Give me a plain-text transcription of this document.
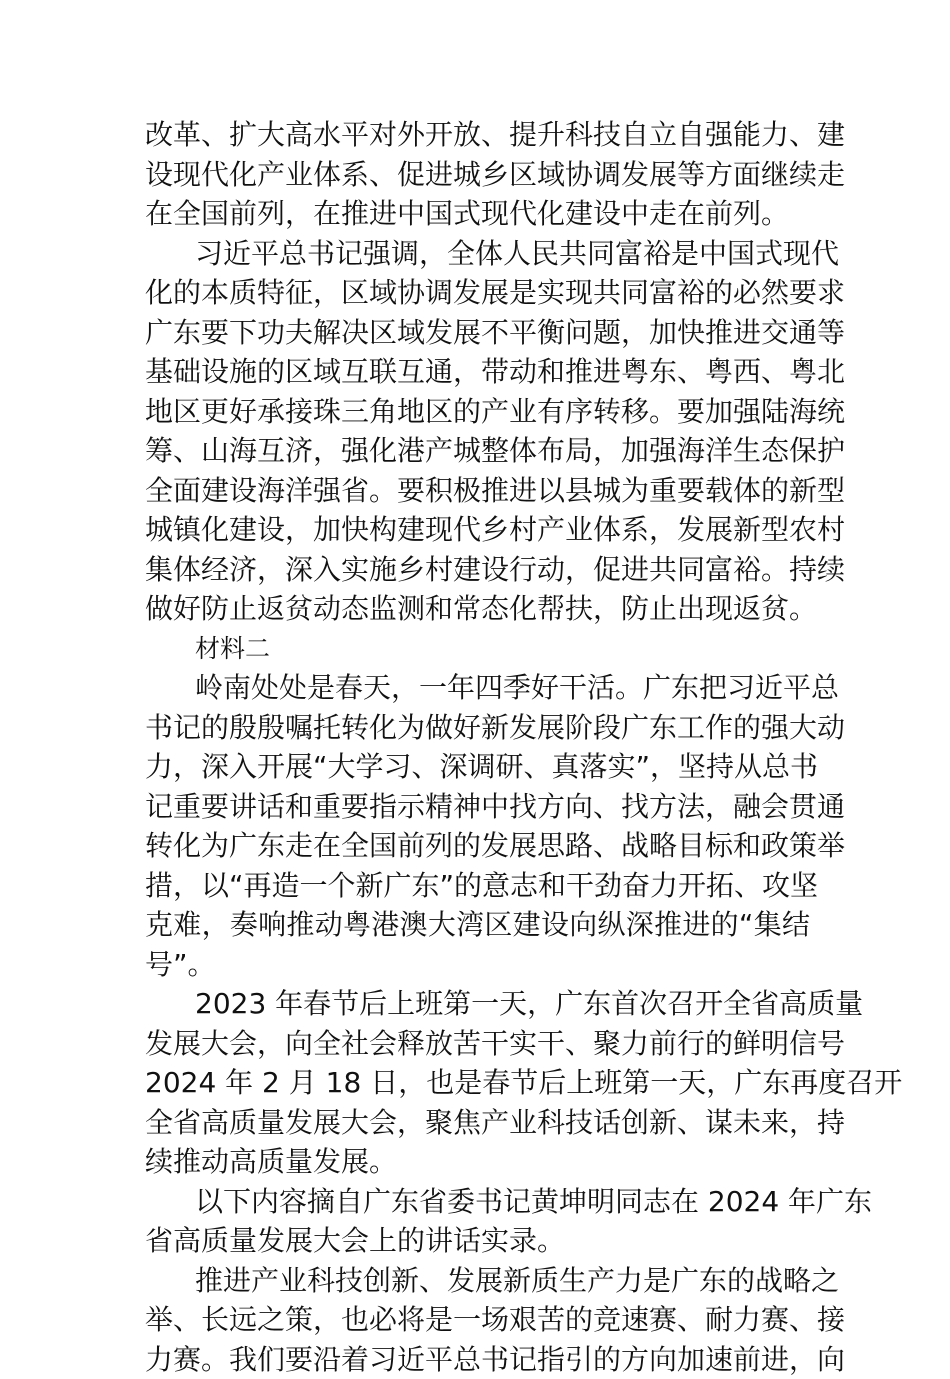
改革、扩大高水平对外开放、提升科技自立自强能力、建
设现代化产业体系、促进城乡区域协调发展等方面继续走
在全国前列，在推进中国式现代化建设中走在前列。
习近平总书记强调，全体人民共同富裕是中国式现代
化的本质特征，区域协调发展是实现共同富裕的必然要求
广东要下功夫解决区域发展不平衡问题，加快推进交通等
基础设施的区域互联互通，带动和推进粤东、粤西、粤北
地区更好承接珠三角地区的产业有序转移。要加强陆海统
筹、山海互济，强化港产城整体布局，加强海洋生态保护
全面建设海洋强省。要积极推进以县城为重要载体的新型
城镇化建设，加快构建现代乡村产业体系，发展新型农村
集体经济，深入实施乡村建设行动，促进共同富裕。持续
做好防止返贫动态监测和常态化帮扶，防止出现返贫。
材料二
岭南处处是春天，一年四季好干活。广东把习近平总
书记的殷殷嘱托转化为做好新发展阶段广东工作的强大动
力，深入开展“大学习、深调研、真落实”，坚持从总书
记重要讲话和重要指示精神中找方向、找方法，融会贯通
转化为广东走在全国前列的发展思路、战略目标和政策举
措，以“再造一个新广东”的意志和干劲奋力开拓、攻坚
克难，奏响推动粤港澳大湾区建设向纵深推进的“集结
号”。
2023 年春节后上班第一天，广东首次召开全省高质量
发展大会，向全社会释放苦干实干、聚力前行的鲜明信号
2024 年 2 月 18 日，也是春节后上班第一天，广东再度召开
全省高质量发展大会，聚焦产业科技话创新、谋未来，持
续推动高质量发展。
以下内容摘自广东省委书记黄坤明同志在 2024 年广东
省高质量发展大会上的讲话实录。
推进产业科技创新、发展新质生产力是广东的战略之
举、长远之策，也必将是一场艰苦的竞速赛、耐力赛、接
力赛。我们要沿着习近平总书记指引的方向加速前进，向
